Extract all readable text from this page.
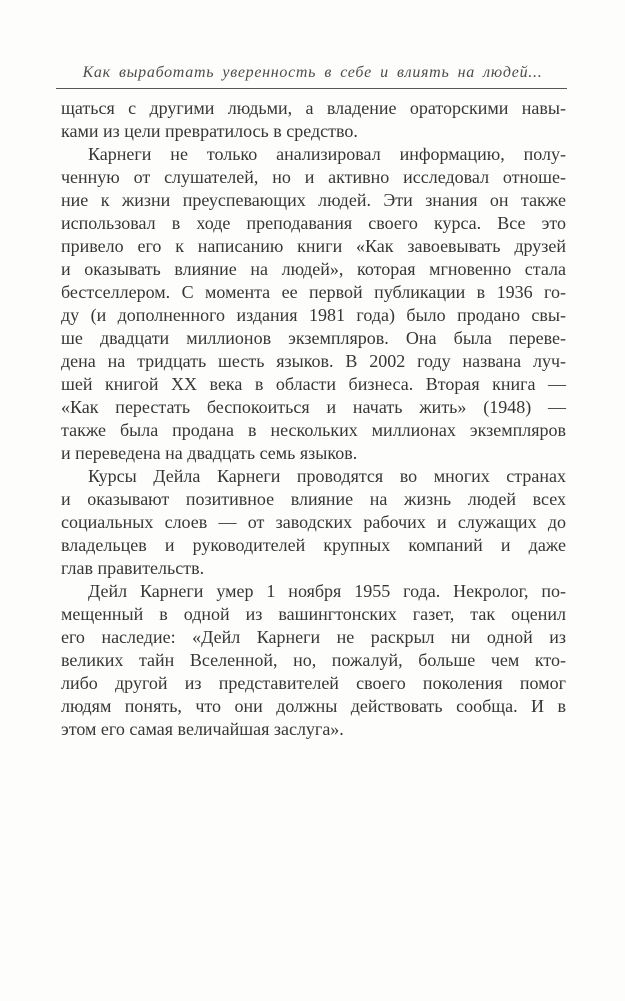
Как выработать уверенность в себе и влиять на людей...
щаться с другими людьми, а владение ораторскими навы-
ками из цели превратилось в средство.
Карнеги не только анализировал информацию, полу-
ченную от слушателей, но и активно исследовал отноше-
ние к жизни преуспевающих людей. Эти знания он также
использовал в ходе преподавания своего курса. Все это
привело его к написанию книги «Как завоевывать друзей
и оказывать влияние на людей», которая мгновенно стала
бестселлером. С момента ее первой публикации в 1936 го-
ду (и дополненного издания 1981 года) было продано свы-
ше двадцати миллионов экземпляров. Она была переве-
дена на тридцать шесть языков. В 2002 году названа луч-
шей книгой XX века в области бизнеса. Вторая книга —
«Как перестать беспокоиться и начать жить» (1948) —
также была продана в нескольких миллионах экземпляров
и переведена на двадцать семь языков.
Курсы Дейла Карнеги проводятся во многих странах
и оказывают позитивное влияние на жизнь людей всех
социальных слоев — от заводских рабочих и служащих до
владельцев и руководителей крупных компаний и даже
глав правительств.
Дейл Карнеги умер 1 ноября 1955 года. Некролог, по-
мещенный в одной из вашингтонских газет, так оценил
его наследие: «Дейл Карнеги не раскрыл ни одной из
великих тайн Вселенной, но, пожалуй, больше чем кто-
либо другой из представителей своего поколения помог
людям понять, что они должны действовать сообща. И в
этом его самая величайшая заслуга».
